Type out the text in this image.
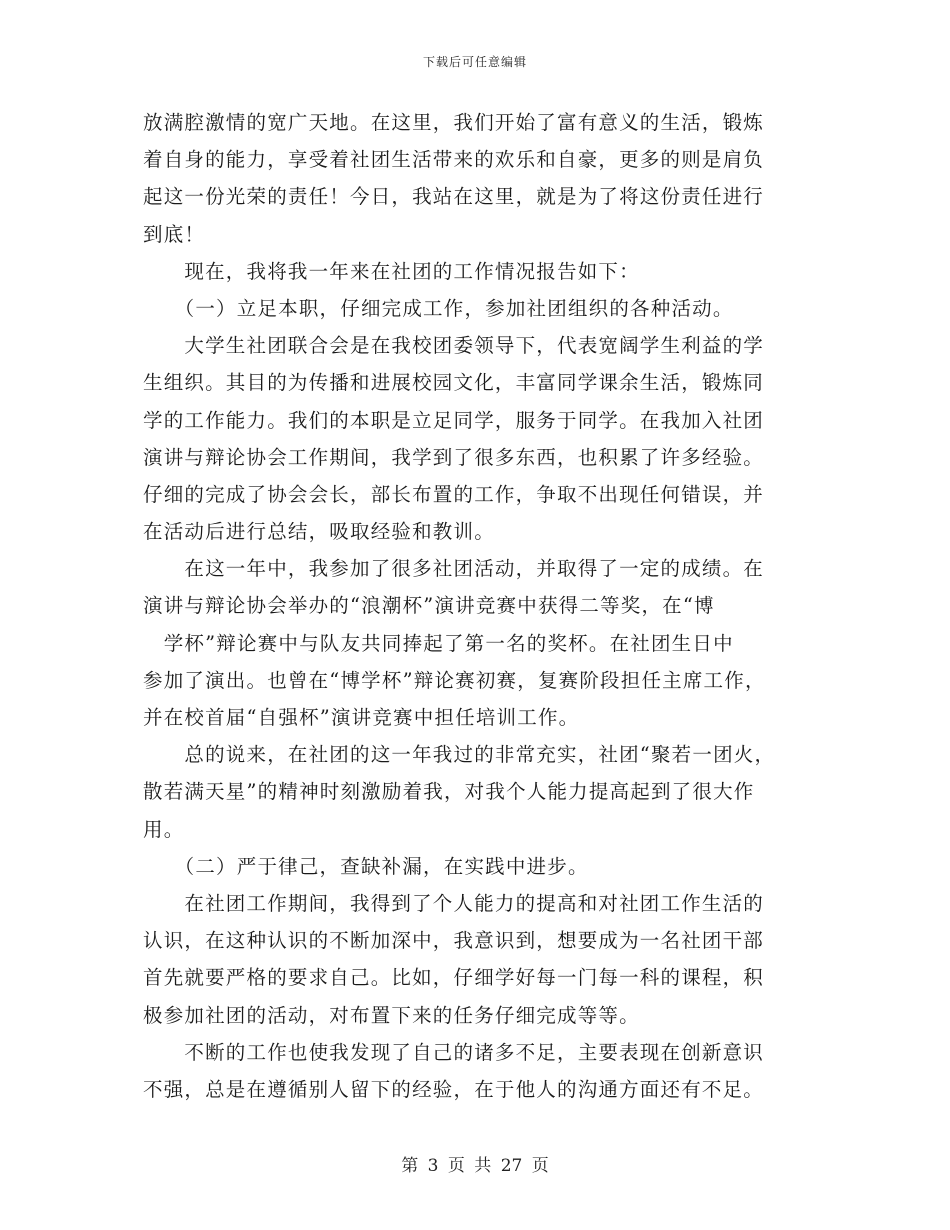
下载后可任意编辑
放满腔激情的宽广天地。在这里，我们开始了富有意义的生活，锻炼
着自身的能力，享受着社团生活带来的欢乐和自豪，更多的则是肩负
起这一份光荣的责任！今日，我站在这里，就是为了将这份责任进行
到底！
　　现在，我将我一年来在社团的工作情况报告如下：
　　（一）立足本职，仔细完成工作，参加社团组织的各种活动。
　　大学生社团联合会是在我校团委领导下，代表宽阔学生利益的学
生组织。其目的为传播和进展校园文化，丰富同学课余生活，锻炼同
学的工作能力。我们的本职是立足同学，服务于同学。在我加入社团
演讲与辩论协会工作期间，我学到了很多东西，也积累了许多经验。
仔细的完成了协会会长，部长布置的工作，争取不出现任何错误，并
在活动后进行总结，吸取经验和教训。
　　在这一年中，我参加了很多社团活动，并取得了一定的成绩。在
演讲与辩论协会举办的“浪潮杯”演讲竞赛中获得二等奖，在“博
　学杯”辩论赛中与队友共同捧起了第一名的奖杯。在社团生日中
参加了演出。也曾在“博学杯”辩论赛初赛，复赛阶段担任主席工作，
并在校首届“自强杯”演讲竞赛中担任培训工作。
　　总的说来，在社团的这一年我过的非常充实，社团“聚若一团火，
散若满天星”的精神时刻激励着我，对我个人能力提高起到了很大作
用。
　　（二）严于律己，查缺补漏，在实践中进步。
　　在社团工作期间，我得到了个人能力的提高和对社团工作生活的
认识，在这种认识的不断加深中，我意识到，想要成为一名社团干部
首先就要严格的要求自己。比如，仔细学好每一门每一科的课程，积
极参加社团的活动，对布置下来的任务仔细完成等等。
　　不断的工作也使我发现了自己的诸多不足，主要表现在创新意识
不强，总是在遵循别人留下的经验，在于他人的沟通方面还有不足。
第 3 页 共 27 页
